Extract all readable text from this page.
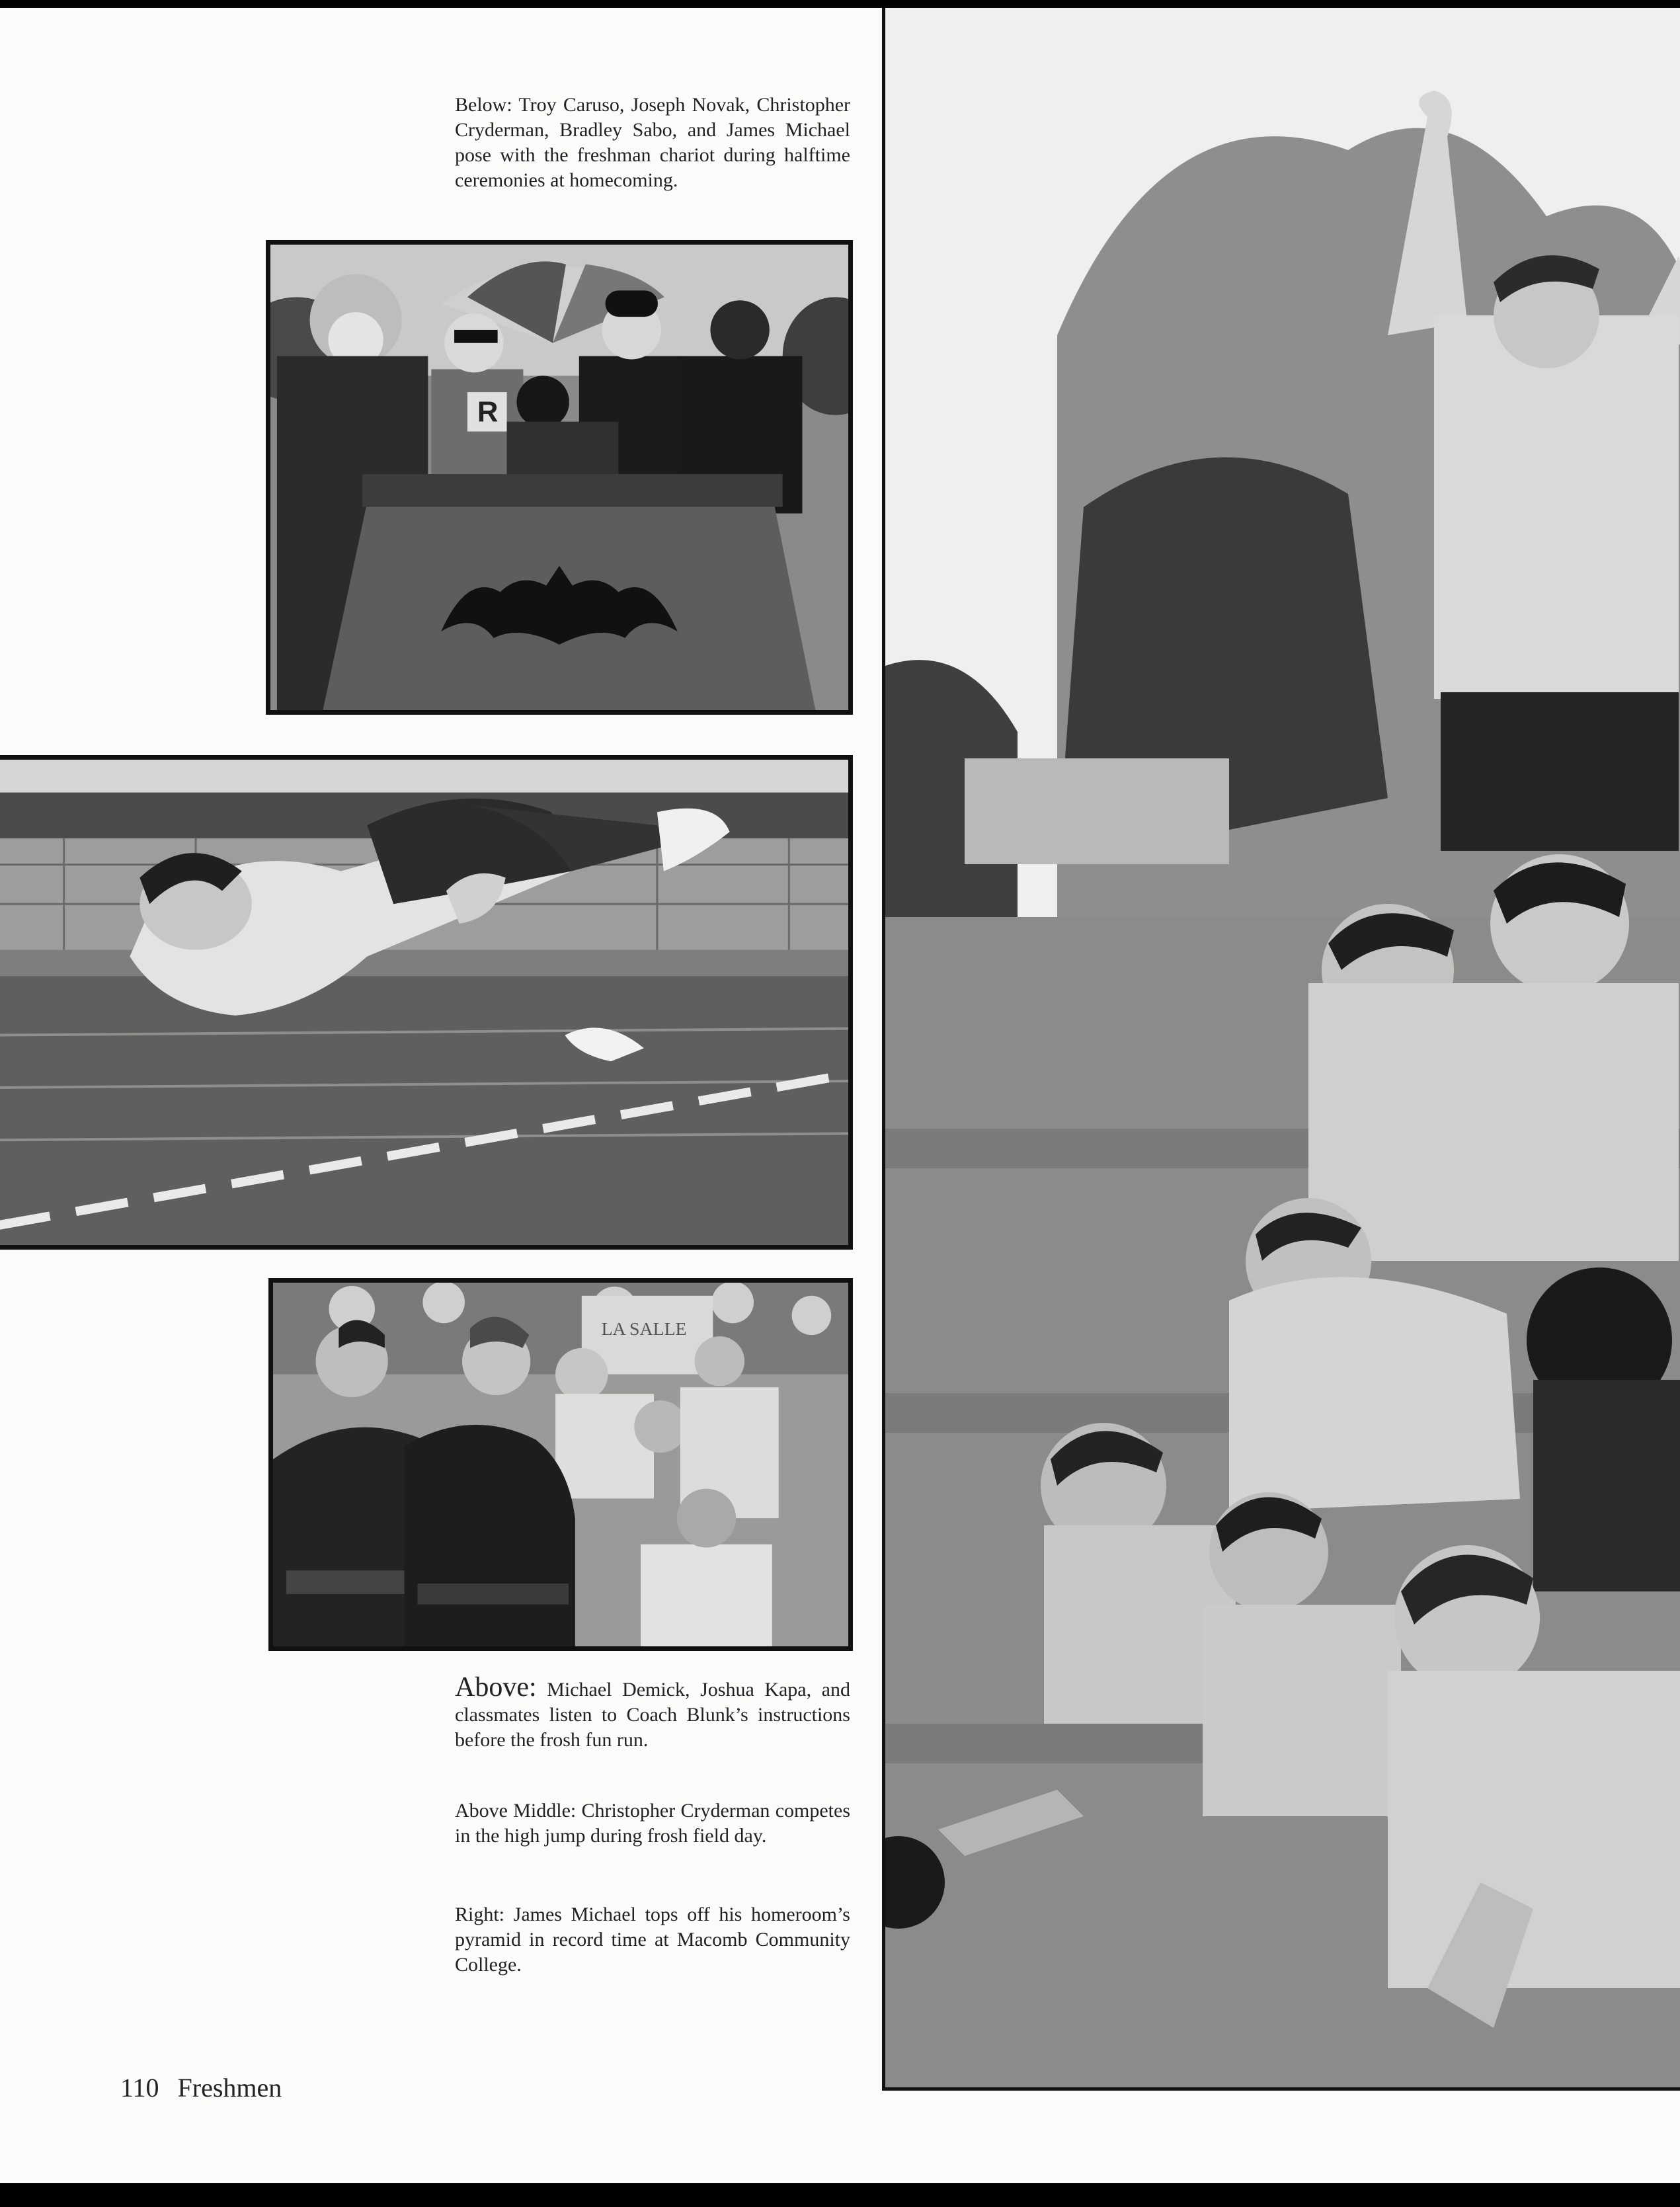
Below: Troy Caruso, Joseph Novak, Christopher Cryderman, Bradley Sabo, and James Michael pose with the freshman chariot during halftime ceremonies at homecoming.

R
LA SALLE

Above: Michael Demick, Joshua Kapa, and classmates listen to Coach Blunk’s instructions before the frosh fun run.

Above Middle: Christopher Cryderman competes in the high jump during frosh field day.

Right: James Michael tops off his homeroom’s pyramid in record time at Macomb Community College.

110 Freshmen
